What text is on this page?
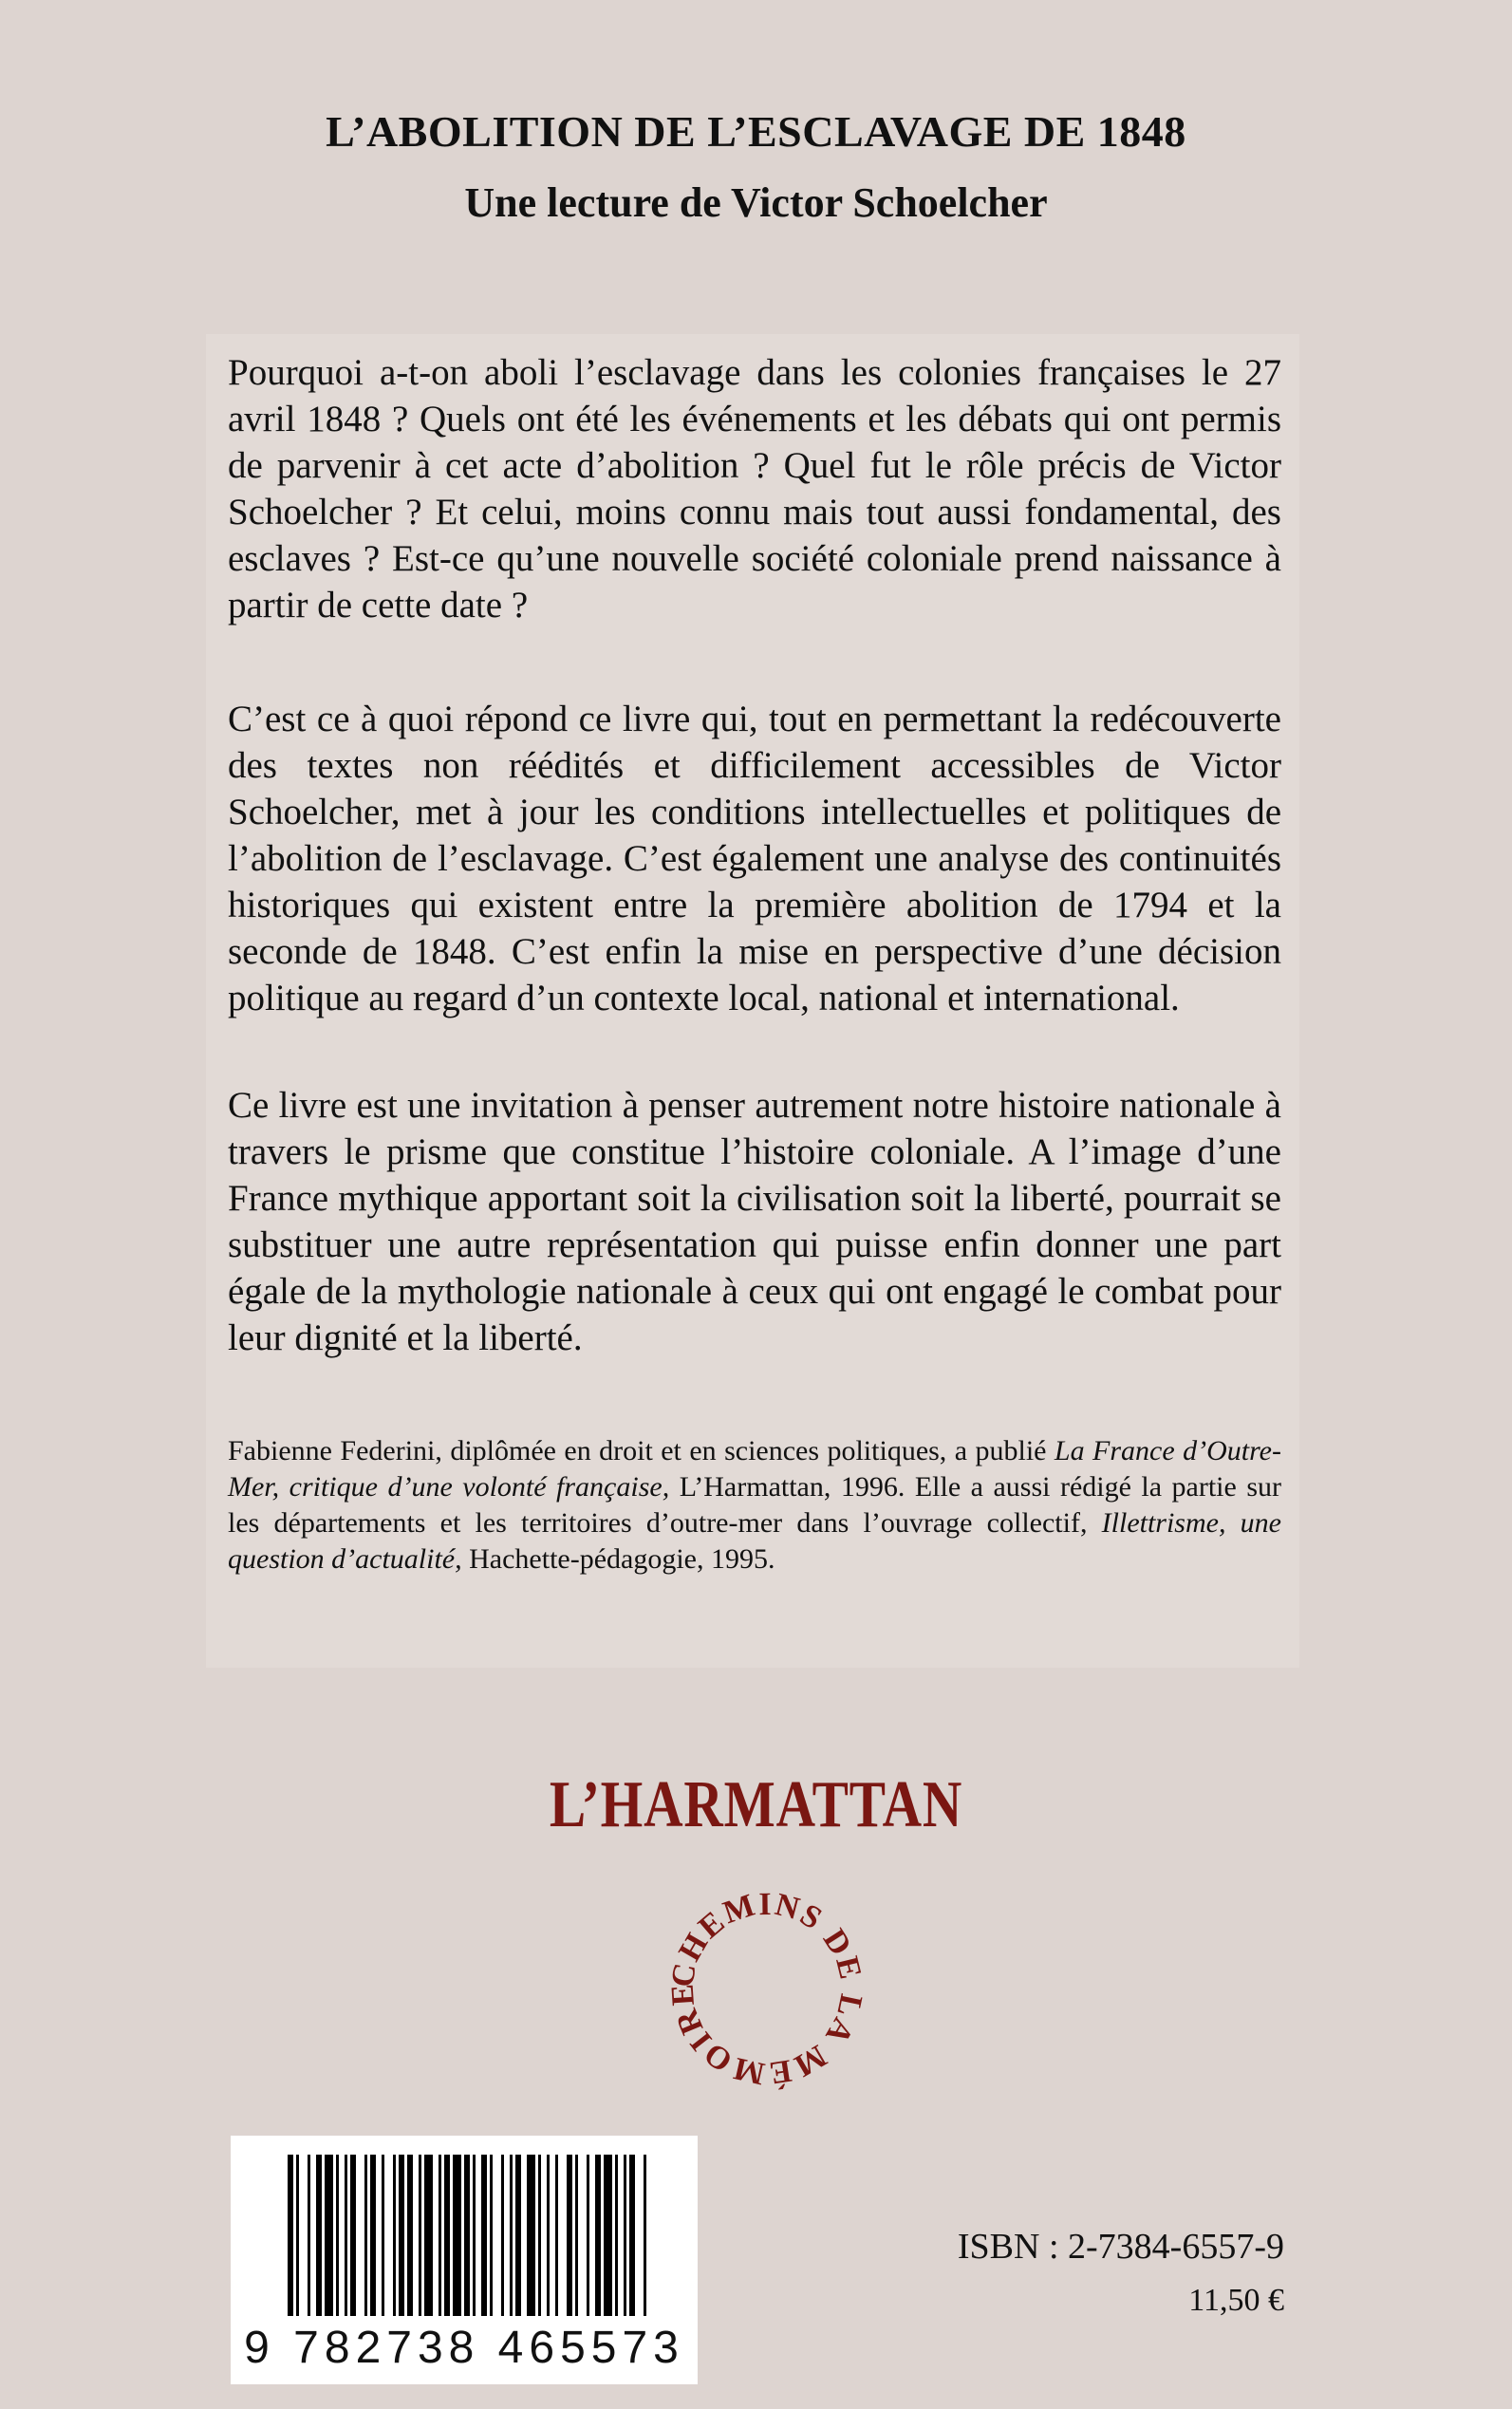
L’ABOLITION DE L’ESCLAVAGE DE 1848
Une lecture de Victor Schoelcher

Pourquoi a-t-on aboli l’esclavage dans les colonies françaises le 27 avril 1848 ? Quels ont été les événements et les débats qui ont permis de parvenir à cet acte d’abolition ? Quel fut le rôle précis de Victor Schoelcher ? Et celui, moins connu mais tout aussi fondamental, des esclaves ? Est-ce qu’une nouvelle société coloniale prend naissance à partir de cette date ?

C’est ce à quoi répond ce livre qui, tout en permettant la redécouverte des textes non réédités et difficilement accessibles de Victor Schoelcher, met à jour les conditions intellectuelles et politiques de l’abolition de l’esclavage. C’est également une analyse des continuités historiques qui existent entre la première abolition de 1794 et la seconde de 1848. C’est enfin la mise en perspective d’une décision politique au regard d’un contexte local, national et international.

Ce livre est une invitation à penser autrement notre histoire nationale à travers le prisme que constitue l’histoire coloniale. A l’image d’une France mythique apportant soit la civilisation soit la liberté, pourrait se substituer une autre représentation qui puisse enfin donner une part égale de la mythologie nationale à ceux qui ont engagé le combat pour leur dignité et la liberté.

Fabienne Federini, diplômée en droit et en sciences politiques, a publié La France d’Outre-Mer, critique d’une volonté française, L’Harmattan, 1996. Elle a aussi rédigé la partie sur les départements et les territoires d’outre-mer dans l’ouvrage collectif, Illettrisme, une question d’actualité, Hachette-pédagogie, 1995.

L’HARMATTAN
CHEMINS DE LA MÉMOIRE
9 782738 465573
ISBN : 2-7384-6557-9
11,50 €
